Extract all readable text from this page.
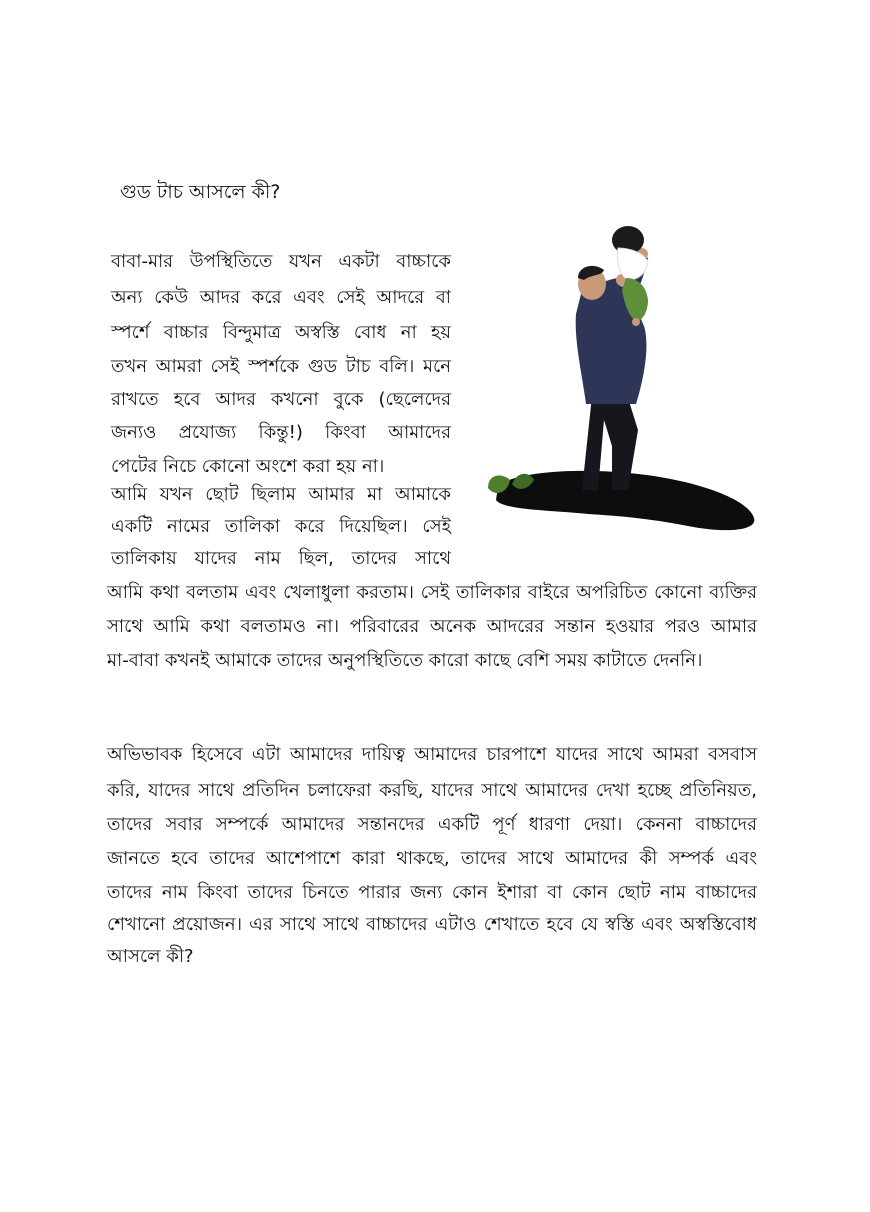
গুড টাচ আসলে কী?

বাবা-মার উপস্থিতিতে যখন একটা বাচ্চাকে

অন্য কেউ আদর করে এবং সেই আদরে বা

স্পর্শে বাচ্চার বিন্দুমাত্র অস্বস্তি বোধ না হয়

তখন আমরা সেই স্পর্শকে গুড টাচ বলি। মনে

রাখতে হবে আদর কখনো বুকে (ছেলেদের

জন্যও প্রযোজ্য কিন্তু!) কিংবা আমাদের

পেটের নিচে কোনো অংশে করা হয় না।

আমি যখন ছোট ছিলাম আমার মা আমাকে

একটি নামের তালিকা করে দিয়েছিল। সেই

তালিকায় যাদের নাম ছিল, তাদের সাথে

আমি কথা বলতাম এবং খেলাধুলা করতাম। সেই তালিকার বাইরে অপরিচিত কোনো ব্যক্তির

সাথে আমি কথা বলতামও না। পরিবারের অনেক আদরের সন্তান হওয়ার পরও আমার

মা-বাবা কখনই আমাকে তাদের অনুপস্থিতিতে কারো কাছে বেশি সময় কাটাতে দেননি।

অভিভাবক হিসেবে এটা আমাদের দায়িত্ব আমাদের চারপাশে যাদের সাথে আমরা বসবাস

করি, যাদের সাথে প্রতিদিন চলাফেরা করছি, যাদের সাথে আমাদের দেখা হচ্ছে প্রতিনিয়ত,

তাদের সবার সম্পর্কে আমাদের সন্তানদের একটি পূর্ণ ধারণা দেয়া। কেননা বাচ্চাদের

জানতে হবে তাদের আশেপাশে কারা থাকছে, তাদের সাথে আমাদের কী সম্পর্ক এবং

তাদের নাম কিংবা তাদের চিনতে পারার জন্য কোন ইশারা বা কোন ছোট নাম বাচ্চাদের

শেখানো প্রয়োজন। এর সাথে সাথে বাচ্চাদের এটাও শেখাতে হবে যে স্বস্তি এবং অস্বস্তিবোধ

আসলে কী?
